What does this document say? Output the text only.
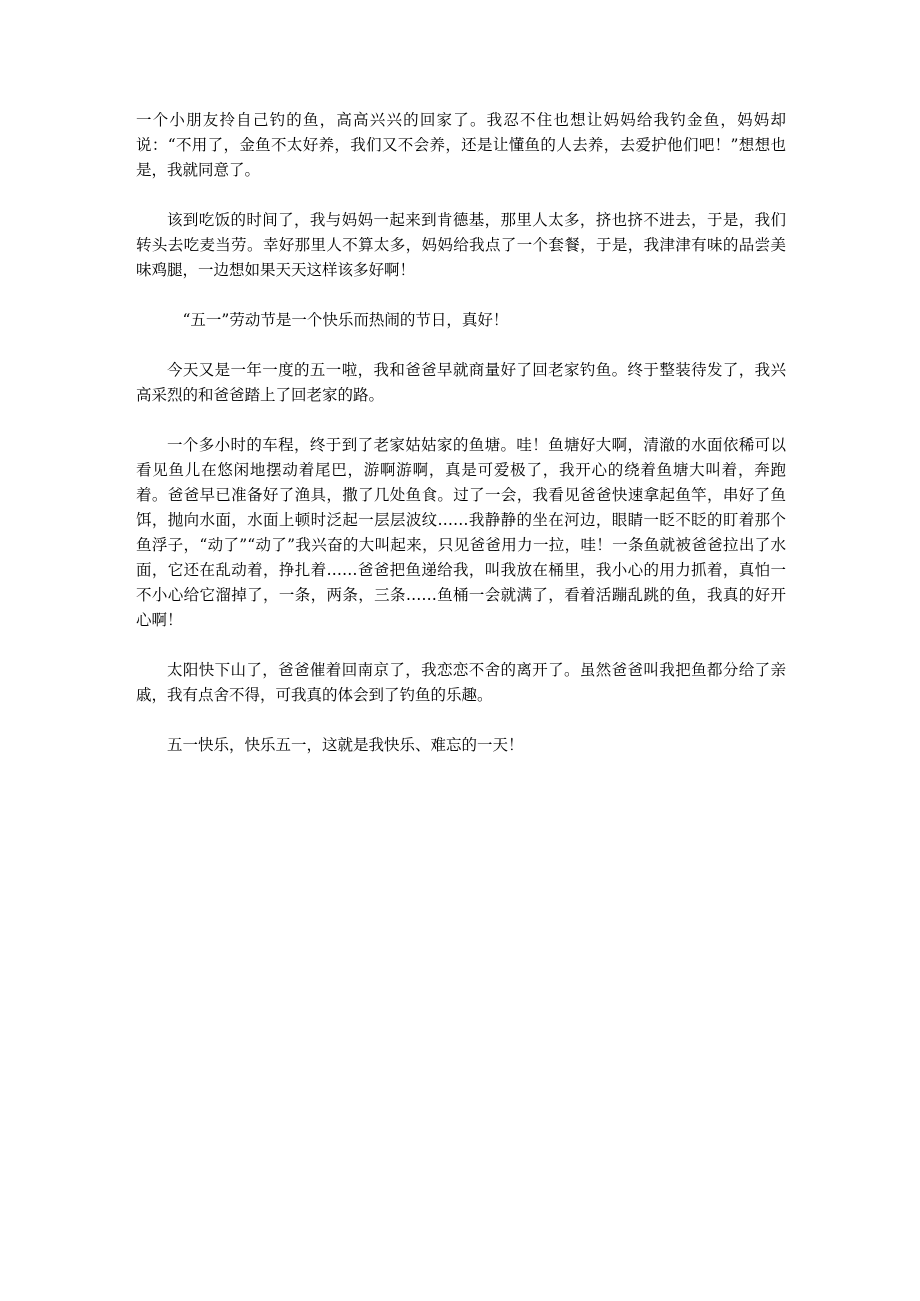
一个小朋友拎自己钓的鱼，高高兴兴的回家了。我忍不住也想让妈妈给我钓金鱼，妈妈却说：“不用了，金鱼不太好养，我们又不会养，还是让懂鱼的人去养，去爱护他们吧！”想想也是，我就同意了。

该到吃饭的时间了，我与妈妈一起来到肯德基，那里人太多，挤也挤不进去，于是，我们转头去吃麦当劳。幸好那里人不算太多，妈妈给我点了一个套餐，于是，我津津有味的品尝美味鸡腿，一边想如果天天这样该多好啊！

“五一”劳动节是一个快乐而热闹的节日，真好！

今天又是一年一度的五一啦，我和爸爸早就商量好了回老家钓鱼。终于整装待发了，我兴高采烈的和爸爸踏上了回老家的路。

一个多小时的车程，终于到了老家姑姑家的鱼塘。哇！鱼塘好大啊，清澈的水面依稀可以看见鱼儿在悠闲地摆动着尾巴，游啊游啊，真是可爱极了，我开心的绕着鱼塘大叫着，奔跑着。爸爸早已准备好了渔具，撒了几处鱼食。过了一会，我看见爸爸快速拿起鱼竿，串好了鱼饵，抛向水面，水面上顿时泛起一层层波纹……我静静的坐在河边，眼睛一眨不眨的盯着那个鱼浮子，“动了”“动了”我兴奋的大叫起来，只见爸爸用力一拉，哇！一条鱼就被爸爸拉出了水面，它还在乱动着，挣扎着……爸爸把鱼递给我，叫我放在桶里，我小心的用力抓着，真怕一不小心给它溜掉了，一条，两条，三条……鱼桶一会就满了，看着活蹦乱跳的鱼，我真的好开心啊！

太阳快下山了，爸爸催着回南京了，我恋恋不舍的离开了。虽然爸爸叫我把鱼都分给了亲戚，我有点舍不得，可我真的体会到了钓鱼的乐趣。

五一快乐，快乐五一，这就是我快乐、难忘的一天！
